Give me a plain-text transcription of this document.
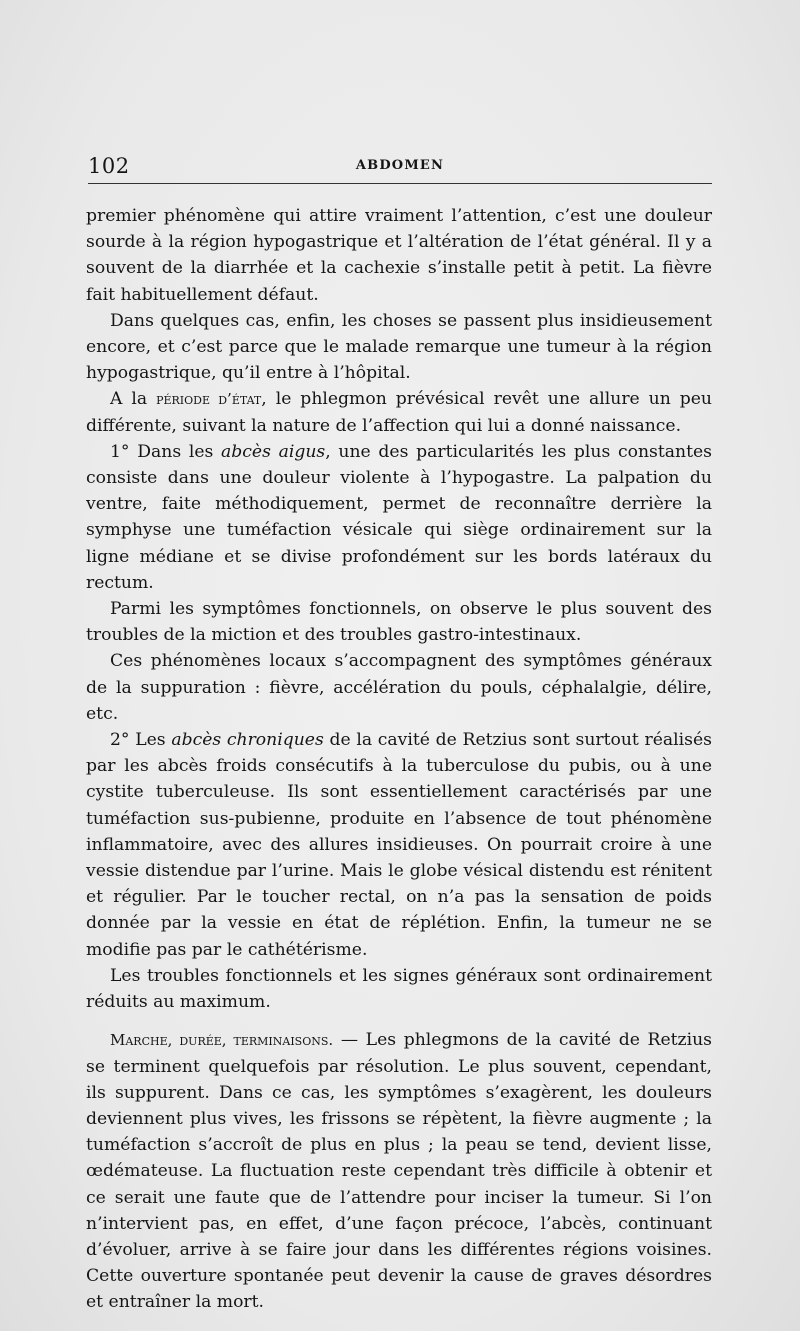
102	ABDOMEN

premier phénomène qui attire vraiment l’attention, c’est une douleur sourde à la région hypogastrique et l’altération de l’état général. Il y a souvent de la diarrhée et la cachexie s’installe petit à petit. La fièvre fait habituellement défaut.

Dans quelques cas, enfin, les choses se passent plus insidieusement encore, et c’est parce que le malade remarque une tumeur à la région hypogastrique, qu’il entre à l’hôpital.

A la période d’état, le phlegmon prévésical revêt une allure un peu différente, suivant la nature de l’affection qui lui a donné naissance.

1° Dans les abcès aigus, une des particularités les plus constantes consiste dans une douleur violente à l’hypogastre. La palpation du ventre, faite méthodiquement, permet de reconnaître derrière la symphyse une tuméfaction vésicale qui siège ordinairement sur la ligne médiane et se divise profondément sur les bords latéraux du rectum.

Parmi les symptômes fonctionnels, on observe le plus souvent des troubles de la miction et des troubles gastro-intestinaux.

Ces phénomènes locaux s’accompagnent des symptômes généraux de la suppuration : fièvre, accélération du pouls, céphalalgie, délire, etc.

2° Les abcès chroniques de la cavité de Retzius sont surtout réalisés par les abcès froids consécutifs à la tuberculose du pubis, ou à une cystite tuberculeuse. Ils sont essentiellement caractérisés par une tuméfaction sus-pubienne, produite en l’absence de tout phénomène inflammatoire, avec des allures insidieuses. On pourrait croire à une vessie distendue par l’urine. Mais le globe vésical distendu est rénitent et régulier. Par le toucher rectal, on n’a pas la sensation de poids donnée par la vessie en état de réplétion. Enfin, la tumeur ne se modifie pas par le cathétérisme.

Les troubles fonctionnels et les signes généraux sont ordinairement réduits au maximum.

Marche, durée, terminaisons. — Les phlegmons de la cavité de Retzius se terminent quelquefois par résolution. Le plus souvent, cependant, ils suppurent. Dans ce cas, les symptômes s’exagèrent, les douleurs deviennent plus vives, les frissons se répètent, la fièvre augmente ; la tuméfaction s’accroît de plus en plus ; la peau se tend, devient lisse, œdémateuse. La fluctuation reste cependant très difficile à obtenir et ce serait une faute que de l’attendre pour inciser la tumeur. Si l’on n’intervient pas, en effet, d’une façon précoce, l’abcès, continuant d’évoluer, arrive à se faire jour dans les différentes régions voisines. Cette ouverture spontanée peut devenir la cause de graves désordres et entraîner la mort.
